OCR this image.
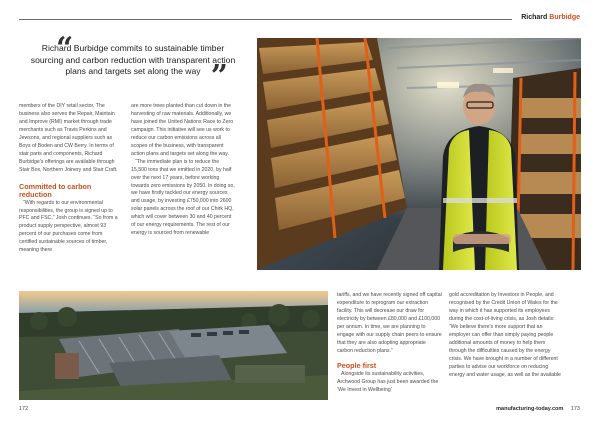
Richard Burbidge
“
Richard Burbidge commits to sustainable timber sourcing and carbon reduction with transparent action plans and targets set along the way ”

members of the DIY retail sector. The business also serves the Repair, Maintain and Improve (RMI) market through trade merchants such as Travis Perkins and Jewsons, and regional suppliers such as Boys of Boden and CW Berry. In terms of stair parts and components, Richard Burbidge's offerings are available through Stair Box, Northern Joinery and Stair Craft.

Committed to carbon reduction

“With regards to our environmental responsibilities, the group is signed up to PFC and FSC,” Josh continues. “So from a product supply perspective, almost 93 percent of our purchases come from certified sustainable sources of timber, meaning there

are more trees planted than cut down in the harvesting of raw materials. Additionally, we have joined the United Nations Race to Zero campaign. This initiative will see us work to reduce our carbon emissions across all scopes of the business, with transparent action plans and targets set along the way.

“The immediate plan is to reduce the 15,500 tons that we emitted in 2020, by half over the next 17 years, before working towards zero emissions by 2050. In doing so, we have firstly tackled our energy sources and usage, by investing £750,000 into 2600 solar panels across the roof of our Chirk HQ, which will cover between 30 and 40 percent of our energy requirements. The rest of our energy is sourced from renewable

tariffs, and we have recently signed off capital expenditure to reprogram our extraction facility. This will decrease our draw for electricity by between £80,000 and £100,000 per annum. In time, we are planning to engage with our supply chain peers to ensure that they are also adopting appropriate carbon reduction plans.”

People first

Alongside its sustainability activities, Archwood Group has just been awarded the ‘We Invest in Wellbeing’

gold accreditation by Investors in People, and recognised by the Credit Union of Wales for the way in which it has supported its employees during the cost-of-living crisis, as Josh details: “We believe there's more support that an employer can offer than simply paying people additional amounts of money to help them through the difficulties caused by the energy crisis. We have brought in a number of different parties to advise our workforce on reducing energy and water usage, as well as the available

172	manufacturing-today.com 173
